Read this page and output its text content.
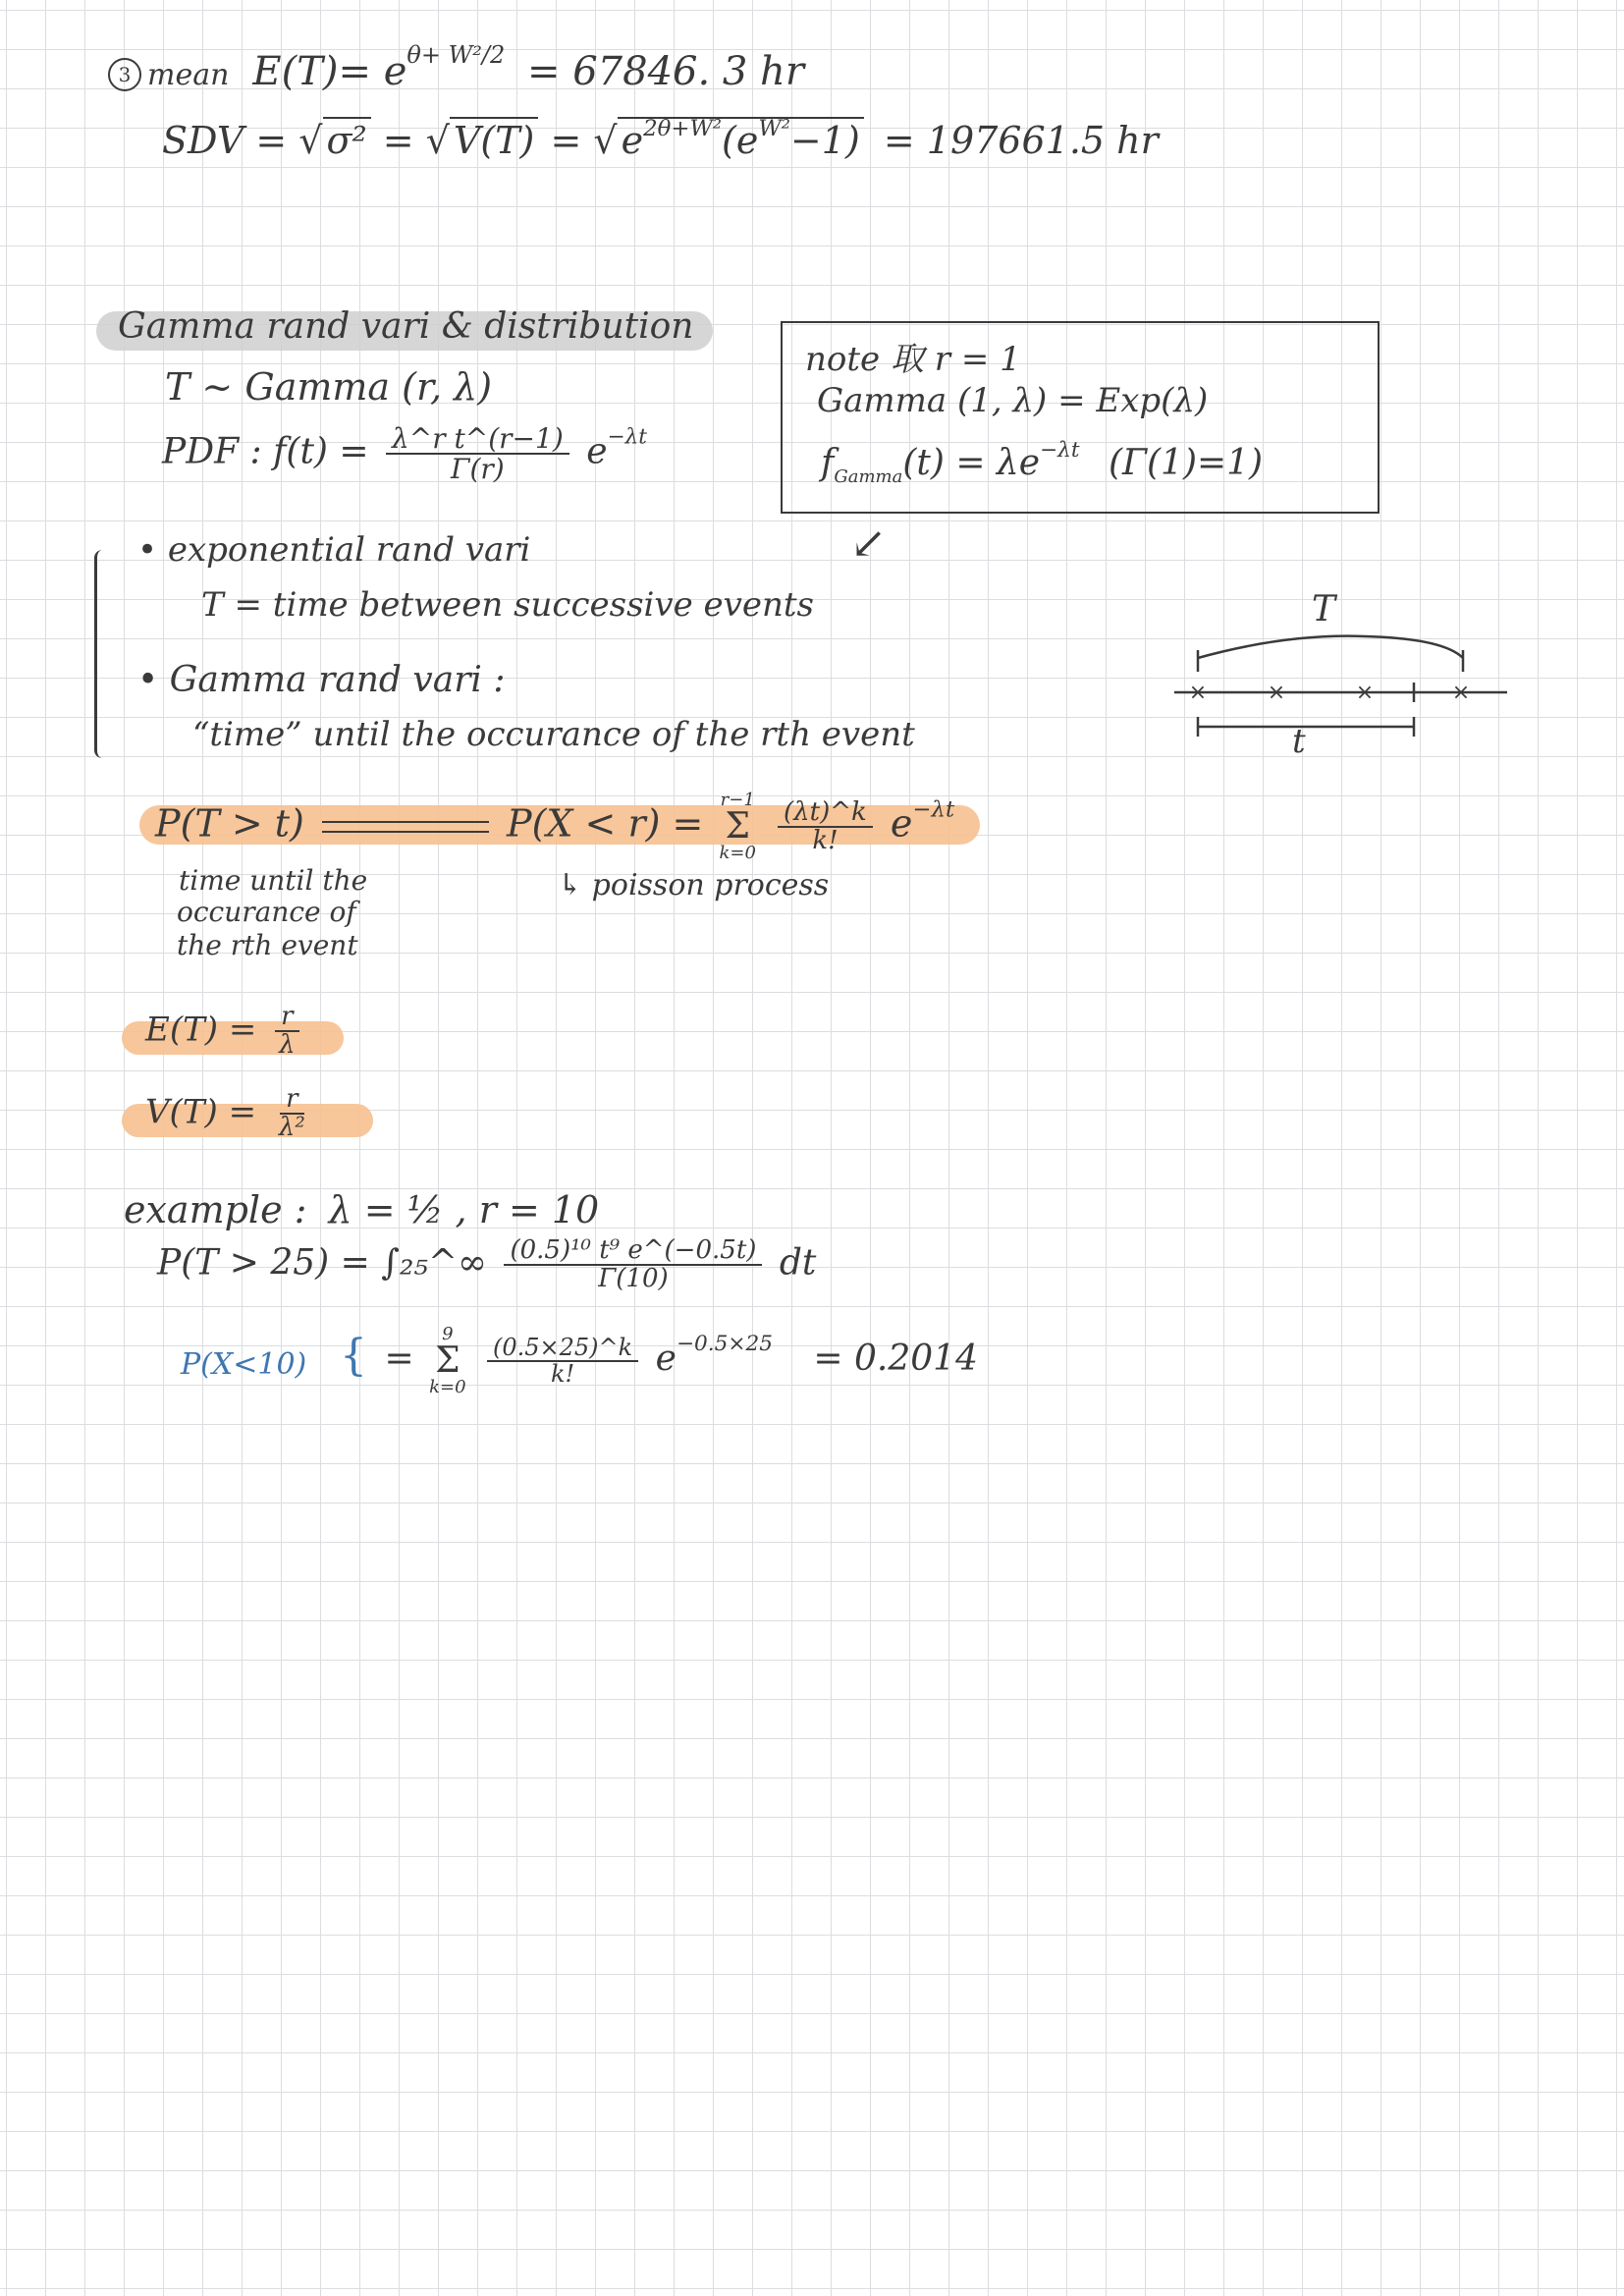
3 mean $E(T)= e^{\theta+ W^2/2} = 67846$. 3 hr
SDV = √ σ² = √ V(T) = √ $e^{2\theta+W^2}(e^{W^2}-1) = 197661.5$ hr
Gamma rand vari & distribution
T ~ Gamma (r, λ)
PDF : $f(t) = \frac{\text{λ\textasciicircum{}r t\textasciicircum{}(r−1)}}{\Gamma(r)} e^{-\lambda t}$
note 取 r = 1
Gamma (1, λ) = Exp(λ)
$f_{Gamma}(t) = \lambda e^{-\lambda t}$ (Γ(1)=1)
↙
• exponential rand vari
T = time between successive events
• Gamma rand vari :
“time” until the occurance of the rth event
×	×	×	×
T
t
P(T > t)	P(X < r) =
r−1
Σ
k=0
$\frac{(\lambda t)\^{}k}{k!} e^{-\lambda t}$
time until the
occurance of
the rth event
↳ poisson process
$E(T) = \frac{r}{\lambda}$
$V(T) = \frac{r}{\text{λ²}}$
example : λ = ½ , r = 10
P(T > 25) = ∫₂₅^∞ $\frac{\text{(0.5)¹⁰ t⁹ e\textasciicircum{}(−0.5t)}}{\Gamma(10)}$ dt
P(X<10) { =
9
Σ
k=0

$\frac{(0.5\times 25)\^{}k}{k!} e^{-0.5\times 25} = 0.2014$
